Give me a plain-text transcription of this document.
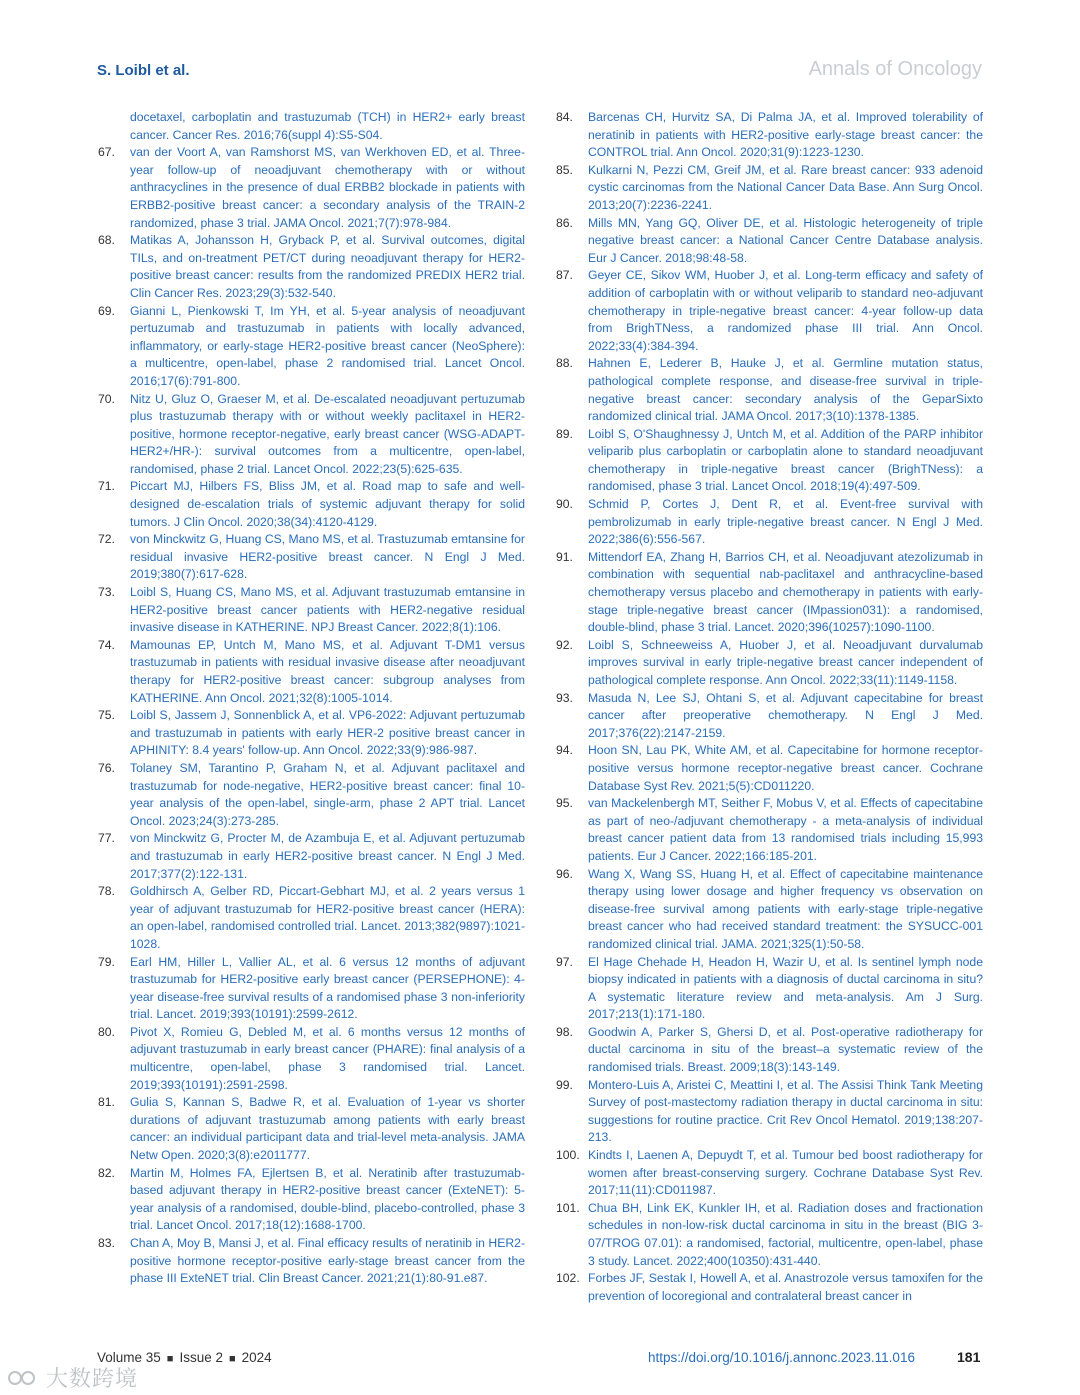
S. Loibl et al.	Annals of Oncology
docetaxel, carboplatin and trastuzumab (TCH) in HER2+ early breast cancer. Cancer Res. 2016;76(suppl 4):S5-S04.
67.	van der Voort A, van Ramshorst MS, van Werkhoven ED, et al. Three-year follow-up of neoadjuvant chemotherapy with or without anthracyclines in the presence of dual ERBB2 blockade in patients with ERBB2-positive breast cancer: a secondary analysis of the TRAIN-2 randomized, phase 3 trial. JAMA Oncol. 2021;7(7):978-984.
68.	Matikas A, Johansson H, Gryback P, et al. Survival outcomes, digital TILs, and on-treatment PET/CT during neoadjuvant therapy for HER2-positive breast cancer: results from the randomized PREDIX HER2 trial. Clin Cancer Res. 2023;29(3):532-540.
69.	Gianni L, Pienkowski T, Im YH, et al. 5-year analysis of neoadjuvant pertuzumab and trastuzumab in patients with locally advanced, inflammatory, or early-stage HER2-positive breast cancer (NeoSphere): a multicentre, open-label, phase 2 randomised trial. Lancet Oncol. 2016;17(6):791-800.
70.	Nitz U, Gluz O, Graeser M, et al. De-escalated neoadjuvant pertuzumab plus trastuzumab therapy with or without weekly paclitaxel in HER2-positive, hormone receptor-negative, early breast cancer (WSG-ADAPT-HER2+/HR-): survival outcomes from a multicentre, open-label, randomised, phase 2 trial. Lancet Oncol. 2022;23(5):625-635.
71.	Piccart MJ, Hilbers FS, Bliss JM, et al. Road map to safe and well-designed de-escalation trials of systemic adjuvant therapy for solid tumors. J Clin Oncol. 2020;38(34):4120-4129.
72.	von Minckwitz G, Huang CS, Mano MS, et al. Trastuzumab emtansine for residual invasive HER2-positive breast cancer. N Engl J Med. 2019;380(7):617-628.
73.	Loibl S, Huang CS, Mano MS, et al. Adjuvant trastuzumab emtansine in HER2-positive breast cancer patients with HER2-negative residual invasive disease in KATHERINE. NPJ Breast Cancer. 2022;8(1):106.
74.	Mamounas EP, Untch M, Mano MS, et al. Adjuvant T-DM1 versus trastuzumab in patients with residual invasive disease after neoadjuvant therapy for HER2-positive breast cancer: subgroup analyses from KATHERINE. Ann Oncol. 2021;32(8):1005-1014.
75.	Loibl S, Jassem J, Sonnenblick A, et al. VP6-2022: Adjuvant pertuzumab and trastuzumab in patients with early HER-2 positive breast cancer in APHINITY: 8.4 years' follow-up. Ann Oncol. 2022;33(9):986-987.
76.	Tolaney SM, Tarantino P, Graham N, et al. Adjuvant paclitaxel and trastuzumab for node-negative, HER2-positive breast cancer: final 10-year analysis of the open-label, single-arm, phase 2 APT trial. Lancet Oncol. 2023;24(3):273-285.
77.	von Minckwitz G, Procter M, de Azambuja E, et al. Adjuvant pertuzumab and trastuzumab in early HER2-positive breast cancer. N Engl J Med. 2017;377(2):122-131.
78.	Goldhirsch A, Gelber RD, Piccart-Gebhart MJ, et al. 2 years versus 1 year of adjuvant trastuzumab for HER2-positive breast cancer (HERA): an open-label, randomised controlled trial. Lancet. 2013;382(9897):1021-1028.
79.	Earl HM, Hiller L, Vallier AL, et al. 6 versus 12 months of adjuvant trastuzumab for HER2-positive early breast cancer (PERSEPHONE): 4-year disease-free survival results of a randomised phase 3 non-inferiority trial. Lancet. 2019;393(10191):2599-2612.
80.	Pivot X, Romieu G, Debled M, et al. 6 months versus 12 months of adjuvant trastuzumab in early breast cancer (PHARE): final analysis of a multicentre, open-label, phase 3 randomised trial. Lancet. 2019;393(10191):2591-2598.
81.	Gulia S, Kannan S, Badwe R, et al. Evaluation of 1-year vs shorter durations of adjuvant trastuzumab among patients with early breast cancer: an individual participant data and trial-level meta-analysis. JAMA Netw Open. 2020;3(8):e2011777.
82.	Martin M, Holmes FA, Ejlertsen B, et al. Neratinib after trastuzumab-based adjuvant therapy in HER2-positive breast cancer (ExteNET): 5-year analysis of a randomised, double-blind, placebo-controlled, phase 3 trial. Lancet Oncol. 2017;18(12):1688-1700.
83.	Chan A, Moy B, Mansi J, et al. Final efficacy results of neratinib in HER2-positive hormone receptor-positive early-stage breast cancer from the phase III ExteNET trial. Clin Breast Cancer. 2021;21(1):80-91.e87.
84.	Barcenas CH, Hurvitz SA, Di Palma JA, et al. Improved tolerability of neratinib in patients with HER2-positive early-stage breast cancer: the CONTROL trial. Ann Oncol. 2020;31(9):1223-1230.
85.	Kulkarni N, Pezzi CM, Greif JM, et al. Rare breast cancer: 933 adenoid cystic carcinomas from the National Cancer Data Base. Ann Surg Oncol. 2013;20(7):2236-2241.
86.	Mills MN, Yang GQ, Oliver DE, et al. Histologic heterogeneity of triple negative breast cancer: a National Cancer Centre Database analysis. Eur J Cancer. 2018;98:48-58.
87.	Geyer CE, Sikov WM, Huober J, et al. Long-term efficacy and safety of addition of carboplatin with or without veliparib to standard neo-adjuvant chemotherapy in triple-negative breast cancer: 4-year follow-up data from BrighTNess, a randomized phase III trial. Ann Oncol. 2022;33(4):384-394.
88.	Hahnen E, Lederer B, Hauke J, et al. Germline mutation status, pathological complete response, and disease-free survival in triple-negative breast cancer: secondary analysis of the GeparSixto randomized clinical trial. JAMA Oncol. 2017;3(10):1378-1385.
89.	Loibl S, O'Shaughnessy J, Untch M, et al. Addition of the PARP inhibitor veliparib plus carboplatin or carboplatin alone to standard neoadjuvant chemotherapy in triple-negative breast cancer (BrighTNess): a randomised, phase 3 trial. Lancet Oncol. 2018;19(4):497-509.
90.	Schmid P, Cortes J, Dent R, et al. Event-free survival with pembrolizumab in early triple-negative breast cancer. N Engl J Med. 2022;386(6):556-567.
91.	Mittendorf EA, Zhang H, Barrios CH, et al. Neoadjuvant atezolizumab in combination with sequential nab-paclitaxel and anthracycline-based chemotherapy versus placebo and chemotherapy in patients with early-stage triple-negative breast cancer (IMpassion031): a randomised, double-blind, phase 3 trial. Lancet. 2020;396(10257):1090-1100.
92.	Loibl S, Schneeweiss A, Huober J, et al. Neoadjuvant durvalumab improves survival in early triple-negative breast cancer independent of pathological complete response. Ann Oncol. 2022;33(11):1149-1158.
93.	Masuda N, Lee SJ, Ohtani S, et al. Adjuvant capecitabine for breast cancer after preoperative chemotherapy. N Engl J Med. 2017;376(22):2147-2159.
94.	Hoon SN, Lau PK, White AM, et al. Capecitabine for hormone receptor-positive versus hormone receptor-negative breast cancer. Cochrane Database Syst Rev. 2021;5(5):CD011220.
95.	van Mackelenbergh MT, Seither F, Mobus V, et al. Effects of capecitabine as part of neo-/adjuvant chemotherapy - a meta-analysis of individual breast cancer patient data from 13 randomised trials including 15,993 patients. Eur J Cancer. 2022;166:185-201.
96.	Wang X, Wang SS, Huang H, et al. Effect of capecitabine maintenance therapy using lower dosage and higher frequency vs observation on disease-free survival among patients with early-stage triple-negative breast cancer who had received standard treatment: the SYSUCC-001 randomized clinical trial. JAMA. 2021;325(1):50-58.
97.	El Hage Chehade H, Headon H, Wazir U, et al. Is sentinel lymph node biopsy indicated in patients with a diagnosis of ductal carcinoma in situ? A systematic literature review and meta-analysis. Am J Surg. 2017;213(1):171-180.
98.	Goodwin A, Parker S, Ghersi D, et al. Post-operative radiotherapy for ductal carcinoma in situ of the breast–a systematic review of the randomised trials. Breast. 2009;18(3):143-149.
99.	Montero-Luis A, Aristei C, Meattini I, et al. The Assisi Think Tank Meeting Survey of post-mastectomy radiation therapy in ductal carcinoma in situ: suggestions for routine practice. Crit Rev Oncol Hematol. 2019;138:207-213.
100. Kindts I, Laenen A, Depuydt T, et al. Tumour bed boost radiotherapy for women after breast-conserving surgery. Cochrane Database Syst Rev. 2017;11(11):CD011987.
101. Chua BH, Link EK, Kunkler IH, et al. Radiation doses and fractionation schedules in non-low-risk ductal carcinoma in situ in the breast (BIG 3-07/TROG 07.01): a randomised, factorial, multicentre, open-label, phase 3 study. Lancet. 2022;400(10350):431-440.
102. Forbes JF, Sestak I, Howell A, et al. Anastrozole versus tamoxifen for the prevention of locoregional and contralateral breast cancer in
Volume 35 ■ Issue 2 ■ 2024	https://doi.org/10.1016/j.annonc.2023.11.016	181
大数跨境
